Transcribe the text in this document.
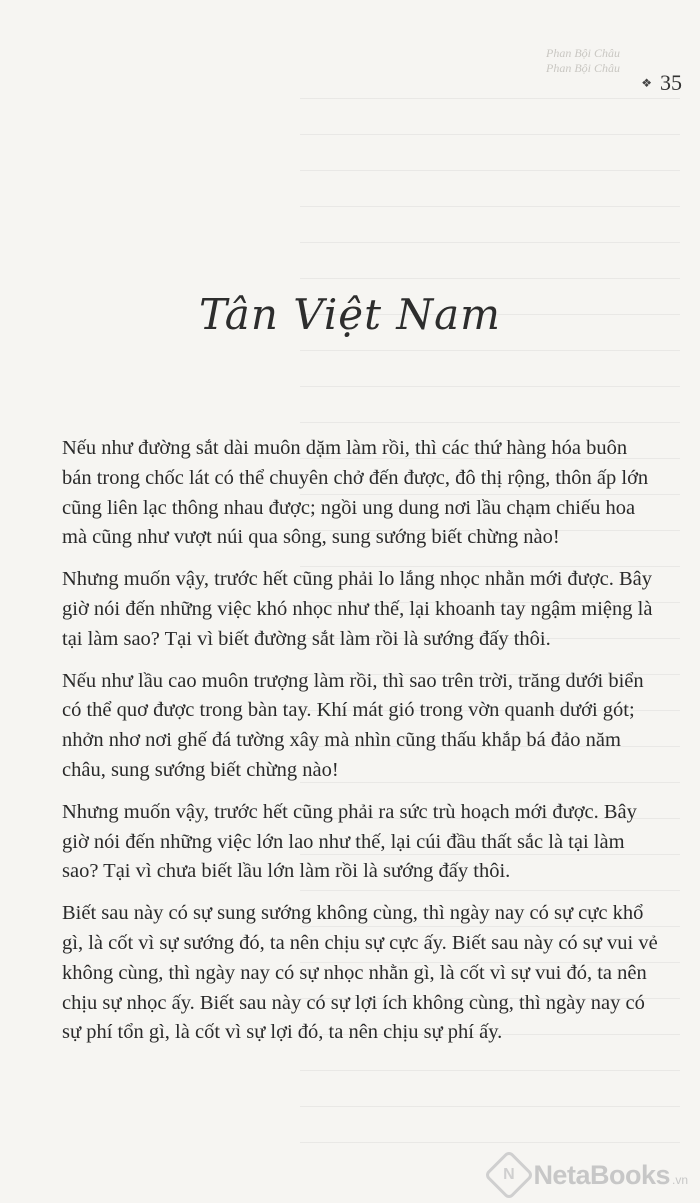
Phan Bội Châu
Phan Bội Châu
❖ 35
Tân Việt Nam

Nếu như đường sắt dài muôn dặm làm rồi, thì các thứ hàng hóa buôn bán trong chốc lát có thể chuyên chở đến được, đô thị rộng, thôn ấp lớn cũng liên lạc thông nhau được; ngồi ung dung nơi lầu chạm chiếu hoa mà cũng như vượt núi qua sông, sung sướng biết chừng nào!

Nhưng muốn vậy, trước hết cũng phải lo lắng nhọc nhằn mới được. Bây giờ nói đến những việc khó nhọc như thế, lại khoanh tay ngậm miệng là tại làm sao? Tại vì biết đường sắt làm rồi là sướng đấy thôi.

Nếu như lầu cao muôn trượng làm rồi, thì sao trên trời, trăng dưới biển có thể quơ được trong bàn tay. Khí mát gió trong vờn quanh dưới gót; nhởn nhơ nơi ghế đá tường xây mà nhìn cũng thấu khắp bá đảo năm châu, sung sướng biết chừng nào!

Nhưng muốn vậy, trước hết cũng phải ra sức trù hoạch mới được. Bây giờ nói đến những việc lớn lao như thế, lại cúi đầu thất sắc là tại làm sao? Tại vì chưa biết lầu lớn làm rồi là sướng đấy thôi.

Biết sau này có sự sung sướng không cùng, thì ngày nay có sự cực khổ gì, là cốt vì sự sướng đó, ta nên chịu sự cực ấy. Biết sau này có sự vui vẻ không cùng, thì ngày nay có sự nhọc nhằn gì, là cốt vì sự vui đó, ta nên chịu sự nhọc ấy. Biết sau này có sự lợi ích không cùng, thì ngày nay có sự phí tổn gì, là cốt vì sự lợi đó, ta nên chịu sự phí ấy.

N NetaBooks .vn
